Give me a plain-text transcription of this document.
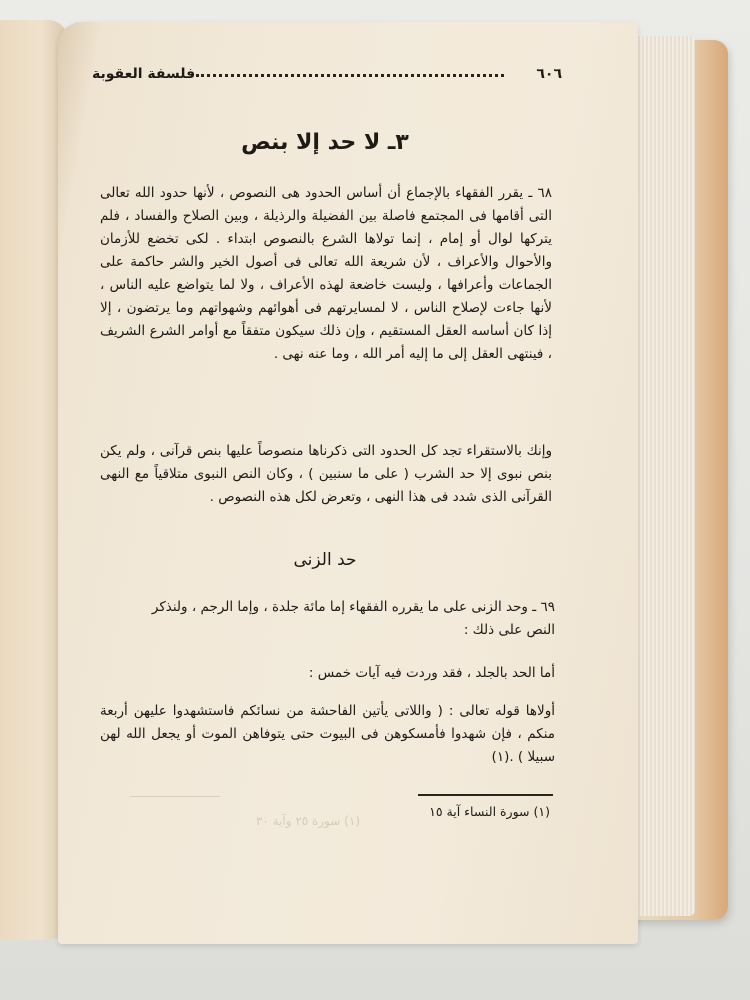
٦٠٦
فلسفة العقوبة
٣ـ لا حد إلا بنص
٦٨ ـ يقرر الفقهاء بالإجماع أن أساس الحدود هى النصوص ، لأنها حدود الله تعالى التى أقامها فى المجتمع فاصلة بين الفضيلة والرذيلة ، وبين الصلاح والفساد ، فلم يتركها لوال أو إمام ، إنما تولاها الشرع بالنصوص ابتداء . لكى تخضع للأزمان والأحوال والأعراف ، لأن شريعة الله تعالى فى أصول الخير والشر حاكمة على الجماعات وأعرافها ، وليست خاضعة لهذه الأعراف ، ولا لما يتواضع عليه الناس ، لأنها جاءت لإصلاح الناس ، لا لمسايرتهم فى أهوائهم وشهواتهم وما يرتضون ، إلا إذا كان أساسه العقل المستقيم ، وإن ذلك سيكون متفقاً مع أوامر الشرع الشريف ، فينتهى العقل إلى ما إليه أمر الله ، وما عنه نهى .
وإنك بالاستقراء تجد كل الحدود التى ذكرناها منصوصاً عليها بنص قرآنى ، ولم يكن بنص نبوى إلا حد الشرب ( على ما سنبين ) ، وكان النص النبوى متلاقياً مع النهى القرآنى الذى شدد فى هذا النهى ، وتعرض لكل هذه النصوص .
حد الزنى
٦٩ ـ وحد الزنى على ما يقرره الفقهاء إما مائة جلدة ، وإما الرجم ، ولنذكر
النص على ذلك :
أما الحد بالجلد ، فقد وردت فيه آيات خمس :
أولاها قوله تعالى : ( واللاتى يأتين الفاحشة من نسائكم فاستشهدوا عليهن أربعة منكم ، فإن شهدوا فأمسكوهن فى البيوت حتى يتوفاهن الموت أو يجعل الله لهن سبيلا ) .(١)
(١) سورة النساء آية ١٥
(١) سورة ٢٥ وآية ٣٠
